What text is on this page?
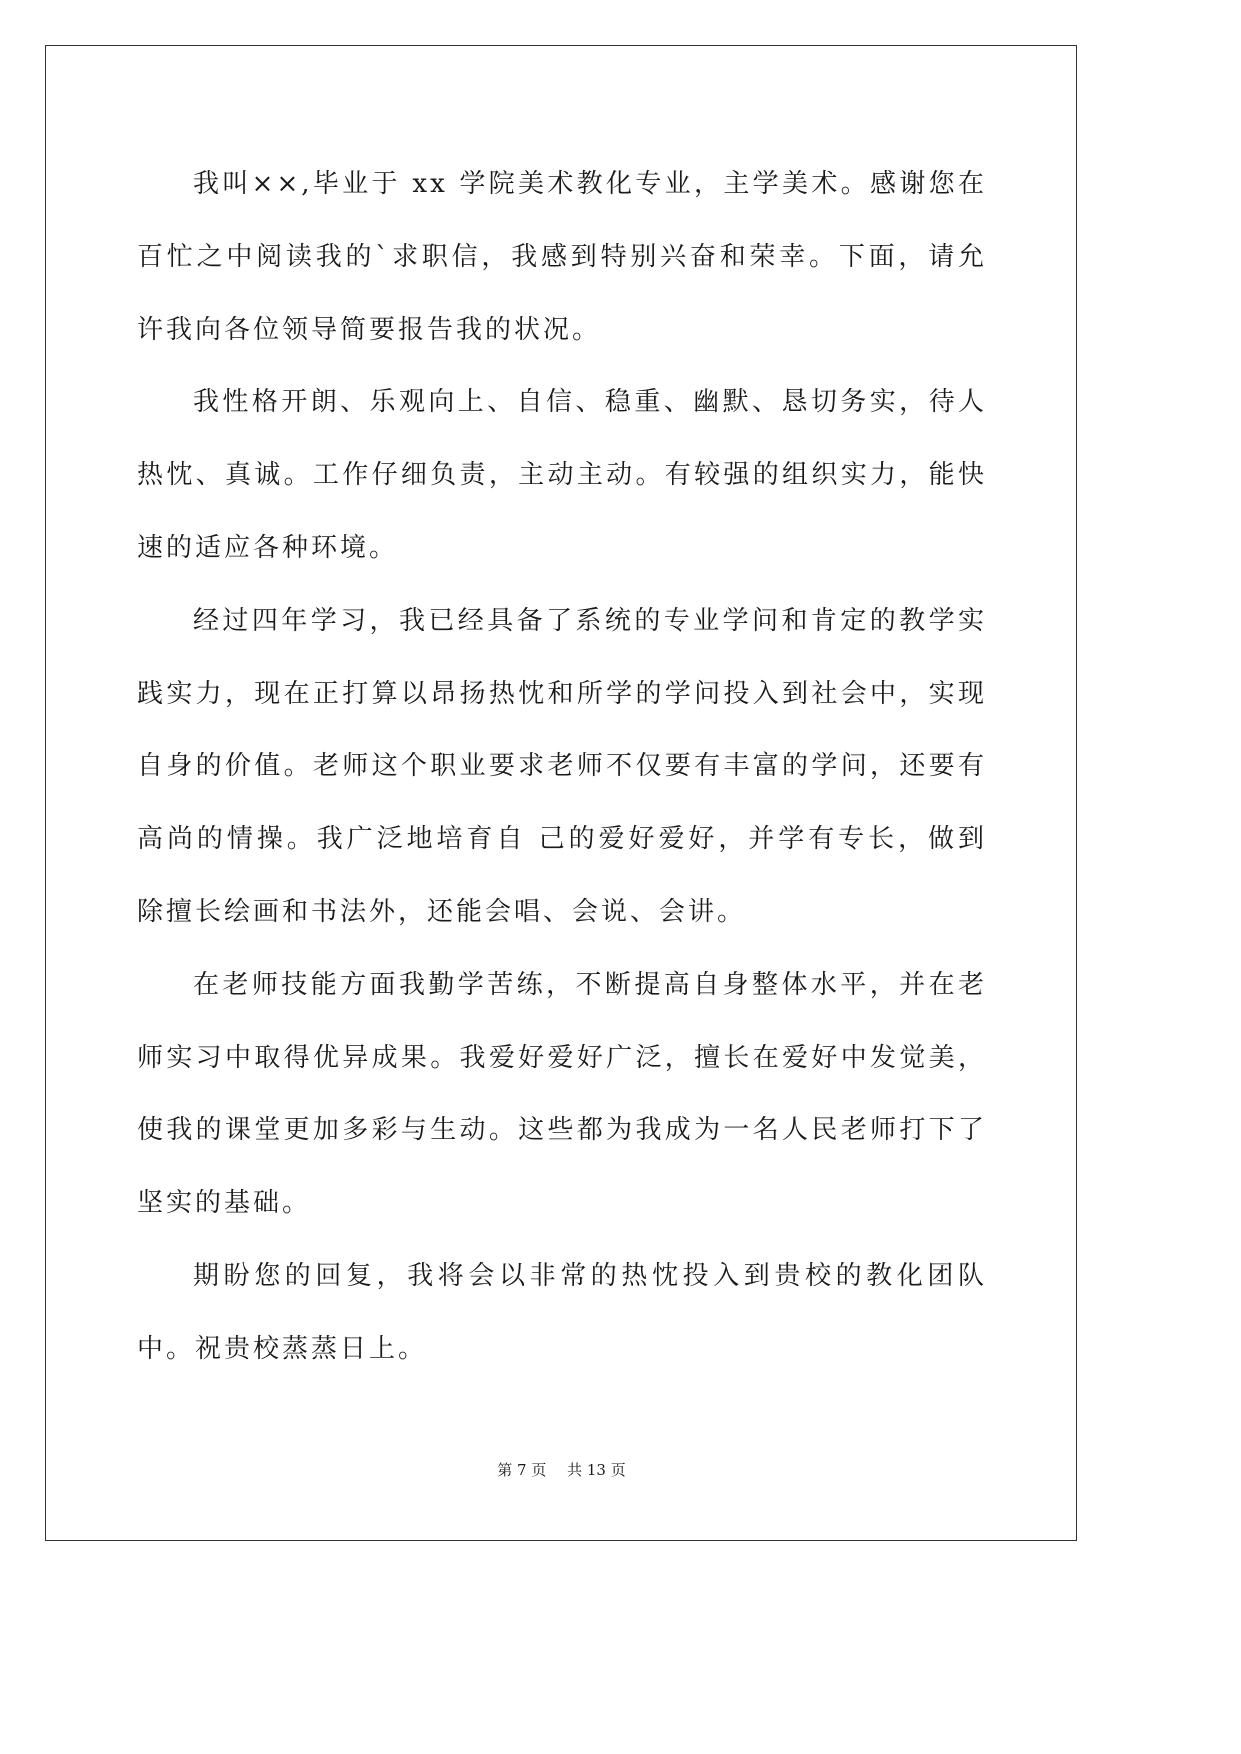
我叫××,毕业于 xx 学院美术教化专业，主学美术。感谢您在百忙之中阅读我的`求职信，我感到特别兴奋和荣幸。下面，请允许我向各位领导简要报告我的状况。

我性格开朗、乐观向上、自信、稳重、幽默、恳切务实，待人热忱、真诚。工作仔细负责，主动主动。有较强的组织实力，能快速的适应各种环境。

经过四年学习，我已经具备了系统的专业学问和肯定的教学实践实力，现在正打算以昂扬热忱和所学的学问投入到社会中，实现自身的价值。老师这个职业要求老师不仅要有丰富的学问，还要有高尚的情操。我广泛地培育自 己的爱好爱好，并学有专长，做到除擅长绘画和书法外，还能会唱、会说、会讲。

在老师技能方面我勤学苦练，不断提高自身整体水平，并在老师实习中取得优异成果。我爱好爱好广泛，擅长在爱好中发觉美，使我的课堂更加多彩与生动。这些都为我成为一名人民老师打下了坚实的基础。

期盼您的回复，我将会以非常的热忱投入到贵校的教化团队中。祝贵校蒸蒸日上。

第 7 页 共 13 页
